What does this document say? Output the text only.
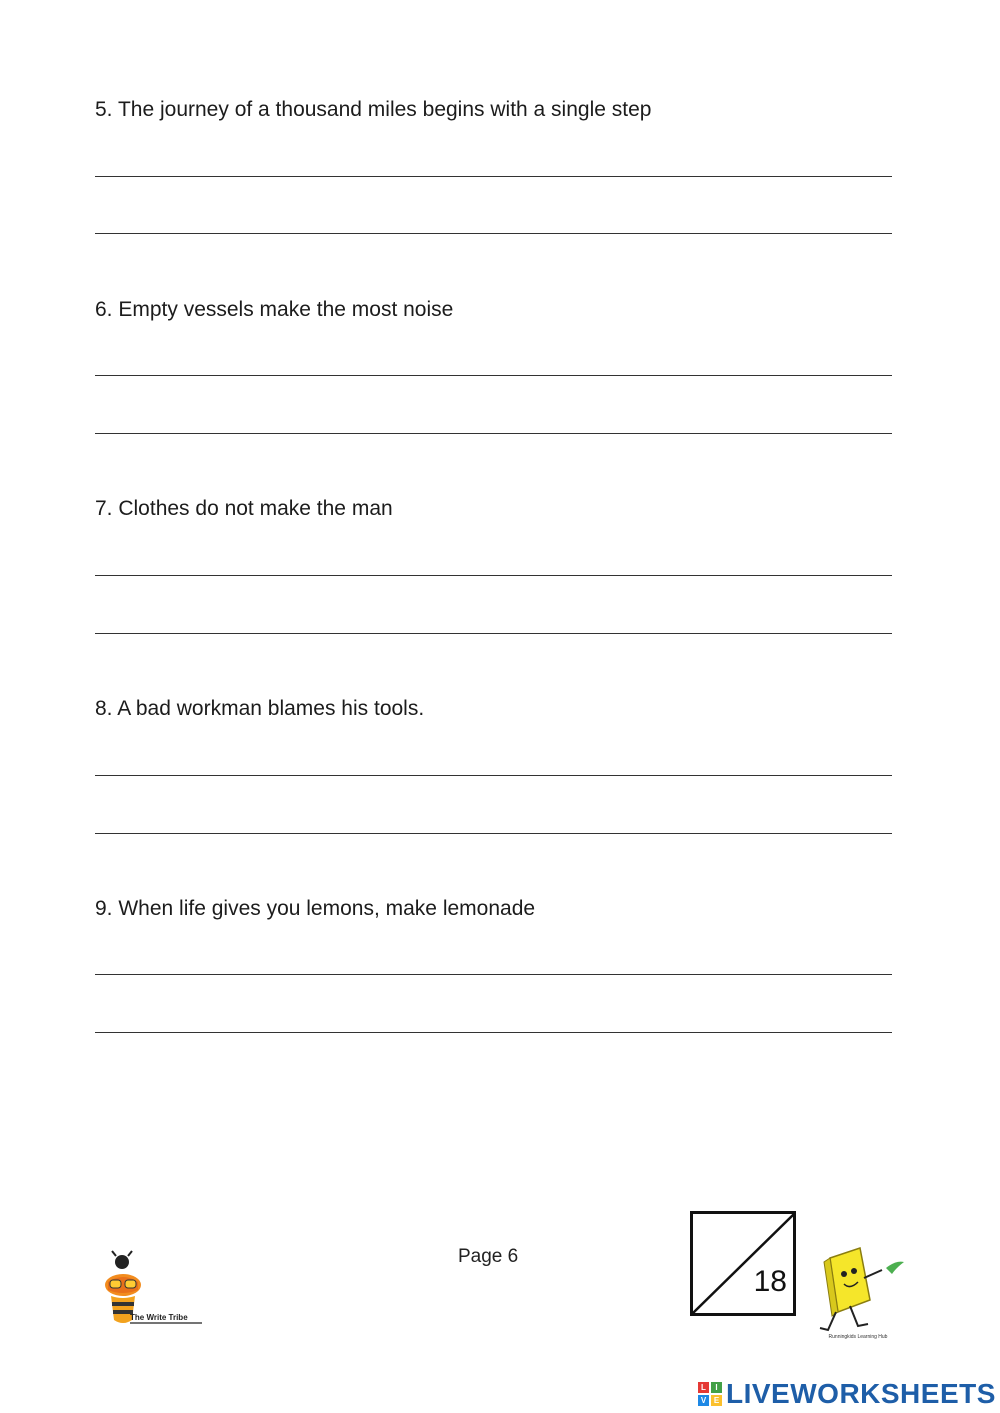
5. The journey of a thousand miles begins with a single step
6. Empty vessels make the most noise
7. Clothes do not make the man
8. A bad workman blames his tools.
9. When life gives you lemons, make lemonade
The Write Tribe
Page 6
18
Runningkids Learning Hub
L	I
V E LIVEWORKSHEETS
